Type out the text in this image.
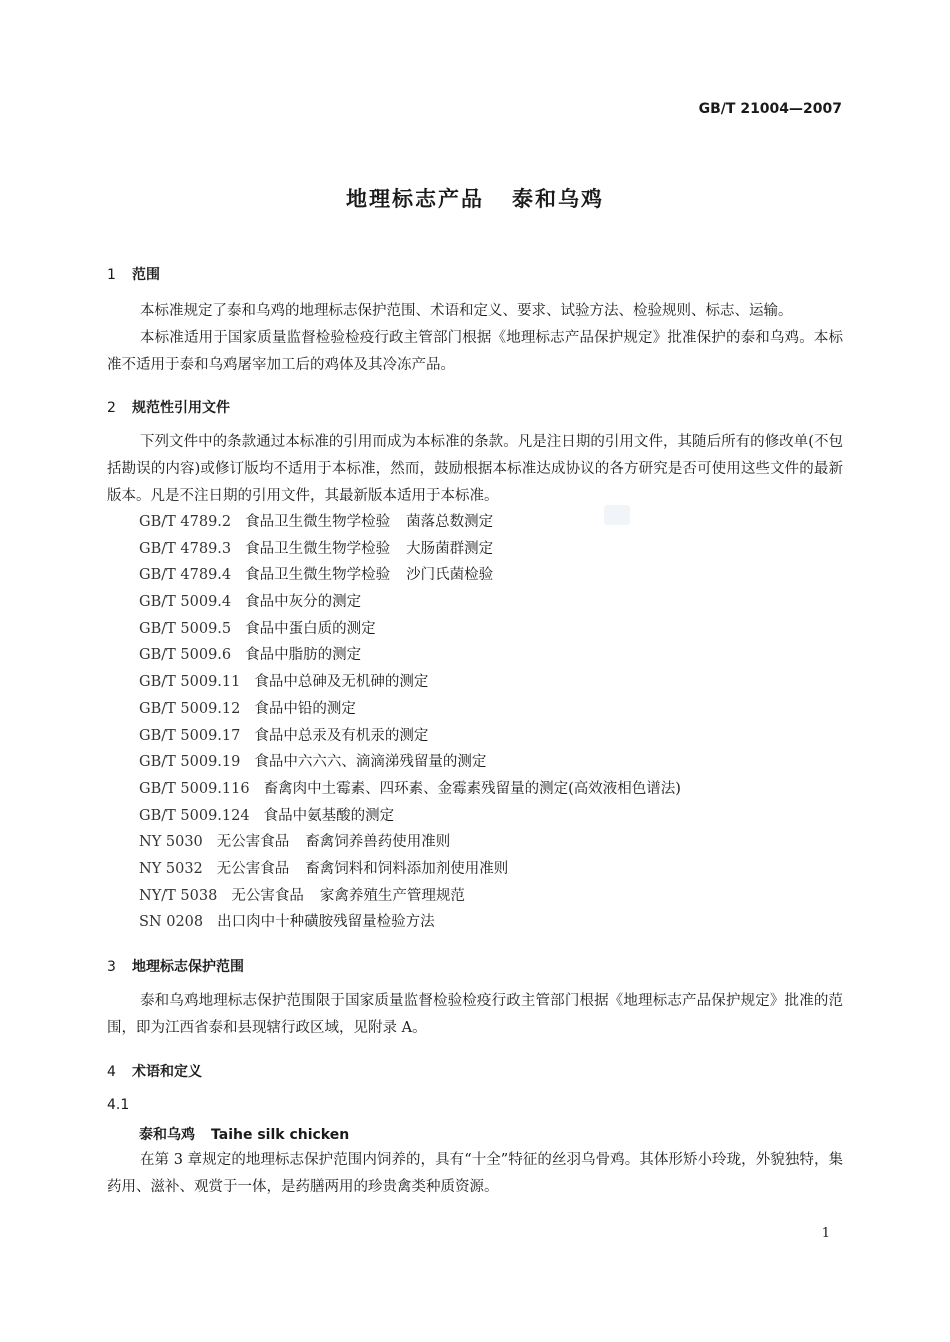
GB/T 21004—2007
地理标志产品 泰和乌鸡
1 范围
本标准规定了泰和乌鸡的地理标志保护范围、术语和定义、要求、试验方法、检验规则、标志、运输。
本标准适用于国家质量监督检验检疫行政主管部门根据《地理标志产品保护规定》批准保护的泰和乌鸡。本标准不适用于泰和乌鸡屠宰加工后的鸡体及其冷冻产品。
2 规范性引用文件
下列文件中的条款通过本标准的引用而成为本标准的条款。凡是注日期的引用文件，其随后所有的修改单(不包括勘误的内容)或修订版均不适用于本标准，然而，鼓励根据本标准达成协议的各方研究是否可使用这些文件的最新版本。凡是不注日期的引用文件，其最新版本适用于本标准。
GB/T 4789.2 食品卫生微生物学检验 菌落总数测定
GB/T 4789.3 食品卫生微生物学检验 大肠菌群测定
GB/T 4789.4 食品卫生微生物学检验 沙门氏菌检验
GB/T 5009.4 食品中灰分的测定
GB/T 5009.5 食品中蛋白质的测定
GB/T 5009.6 食品中脂肪的测定
GB/T 5009.11 食品中总砷及无机砷的测定
GB/T 5009.12 食品中铅的测定
GB/T 5009.17 食品中总汞及有机汞的测定
GB/T 5009.19 食品中六六六、滴滴涕残留量的测定
GB/T 5009.116 畜禽肉中土霉素、四环素、金霉素残留量的测定(高效液相色谱法)
GB/T 5009.124 食品中氨基酸的测定
NY 5030 无公害食品 畜禽饲养兽药使用准则
NY 5032 无公害食品 畜禽饲料和饲料添加剂使用准则
NY/T 5038 无公害食品 家禽养殖生产管理规范
SN 0208 出口肉中十种磺胺残留量检验方法
3 地理标志保护范围
泰和乌鸡地理标志保护范围限于国家质量监督检验检疫行政主管部门根据《地理标志产品保护规定》批准的范围，即为江西省泰和县现辖行政区域，见附录 A。
4 术语和定义
4.1
泰和乌鸡 Taihe silk chicken
在第 3 章规定的地理标志保护范围内饲养的，具有“十全”特征的丝羽乌骨鸡。其体形矫小玲珑，外貌独特，集药用、滋补、观赏于一体，是药膳两用的珍贵禽类种质资源。
1
